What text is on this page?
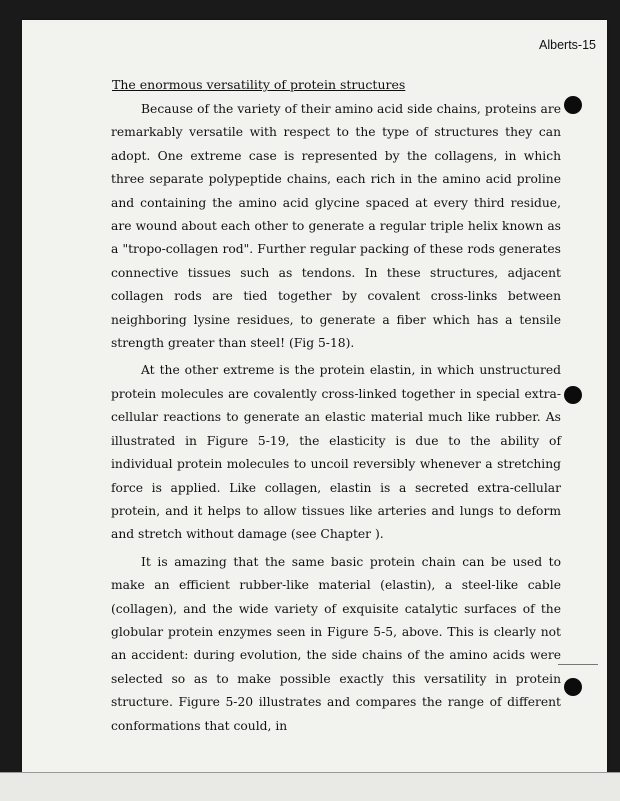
Alberts-15

The enormous versatility of protein structures

Because of the variety of their amino acid side chains, proteins are remarkably versatile with respect to the type of structures they can adopt. One extreme case is represented by the collagens, in which three separate polypeptide chains, each rich in the amino acid proline and containing the amino acid glycine spaced at every third residue, are wound about each other to generate a regular triple helix known as a "tropo-collagen rod". Further regular packing of these rods generates connective tissues such as tendons. In these structures, adjacent collagen rods are tied together by covalent cross-links between neighboring lysine residues, to generate a fiber which has a tensile strength greater than steel! (Fig 5-18).

At the other extreme is the protein elastin, in which unstructured protein molecules are covalently cross-linked together in special extra-cellular reactions to generate an elastic material much like rubber. As illustrated in Figure 5-19, the elasticity is due to the ability of individual protein molecules to uncoil reversibly whenever a stretching force is applied. Like collagen, elastin is a secreted extra-cellular protein, and it helps to allow tissues like arteries and lungs to deform and stretch without damage (see Chapter ).

It is amazing that the same basic protein chain can be used to make an efficient rubber-like material (elastin), a steel-like cable (collagen), and the wide variety of exquisite catalytic surfaces of the globular protein enzymes seen in Figure 5-5, above. This is clearly not an accident: during evolution, the side chains of the amino acids were selected so as to make possible exactly this versatility in protein structure. Figure 5-20 illustrates and compares the range of different conformations that could, in
